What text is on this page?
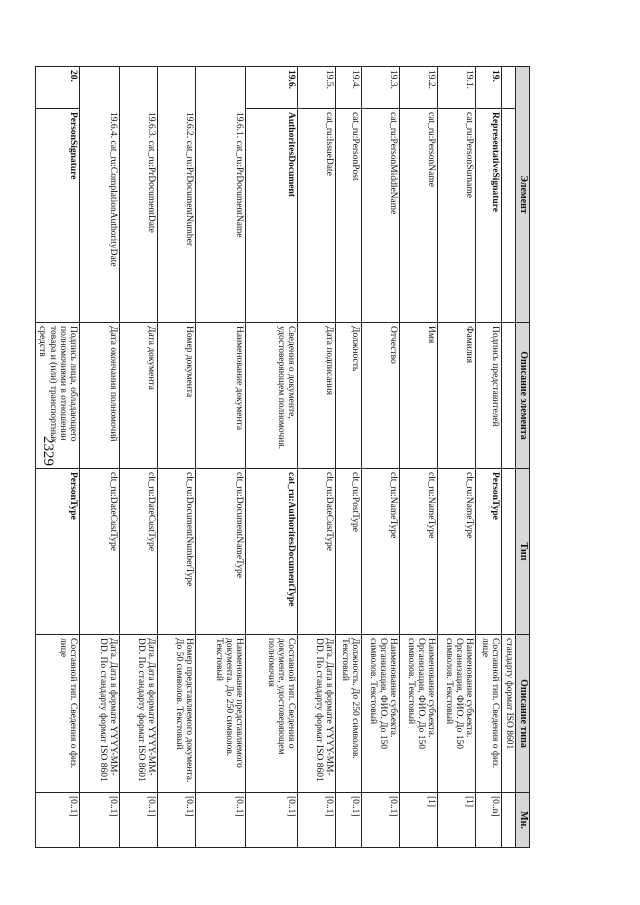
2329
Элемент		Описание элемента	Тип	Описание типа	Мн.
				стандарту формат ISO 8601	
19.	RepresentativeSignature	Подпись представителей	PersonType	Составной тип. Сведения о физ. лице	[0..n]
19.1.	cat_ru:PersonSurname	Фамилия	clt_ru:NameType	Наименование субъекта. Организация, ФИО. До 150 символов. Текстовый	[1]
19.2.	cat_ru:PersonName	Имя	clt_ru:NameType	Наименование субъекта. Организация, ФИО. До 150 символов. Текстовый	[1]
19.3.	cat_ru:PersonMiddleName	Отчество	clt_ru:NameType	Наименование субъекта. Организация, ФИО. До 150 символов. Текстовый	[0..1]
19.4.	cat_ru:PersonPost	Должность	clt_ru:PostType	Должность. До 250 символов. Текстовый	[0..1]
19.5.	cat_ru:IssueDate	Дата подписания	clt_ru:DateCustType	Дата. Дата в формате YYYY-MM-DD. По стандарту формат ISO 8601	[0..1]
19.6.	AuthoritesDocument	Сведения о документе, удостоверяющем полномочия.	cat_ru:AuthoritesDocumentType	Составной тип. Сведения о документе, удостоверяющем полномочия	[0..1]
19.6.1. cat_ru:PrDocumentName		Наименование документа	clt_ru:DocumentNameType	Наименование представляемого документа. До 250 символов. Текстовый	[0..1]
19.6.2. cat_ru:PrDocumentNumber		Номер документа	clt_ru:DocumentNumberType	Номер представляемого документа. До 50 символов. Текстовый	[0..1]
19.6.3. cat_ru:PrDocumentDate		Дата документа	clt_ru:DateCustType	Дата. Дата в формате YYYY-MM-DD. По стандарту формат ISO 8601	[0..1]
19.6.4. cat_ru:ComplationAuthorityDate		Дата окончания полномочий	clt_ru:DateCustType	Дата. Дата в формате YYYY-MM-DD. По стандарту формат ISO 8601	[0..1]
20.	PersonSignature	Подпись лица, обладающего полномочиями в отношении товара и (или) транспортных средств	PersonType	Составной тип. Сведения о физ. лице	[0..1]
